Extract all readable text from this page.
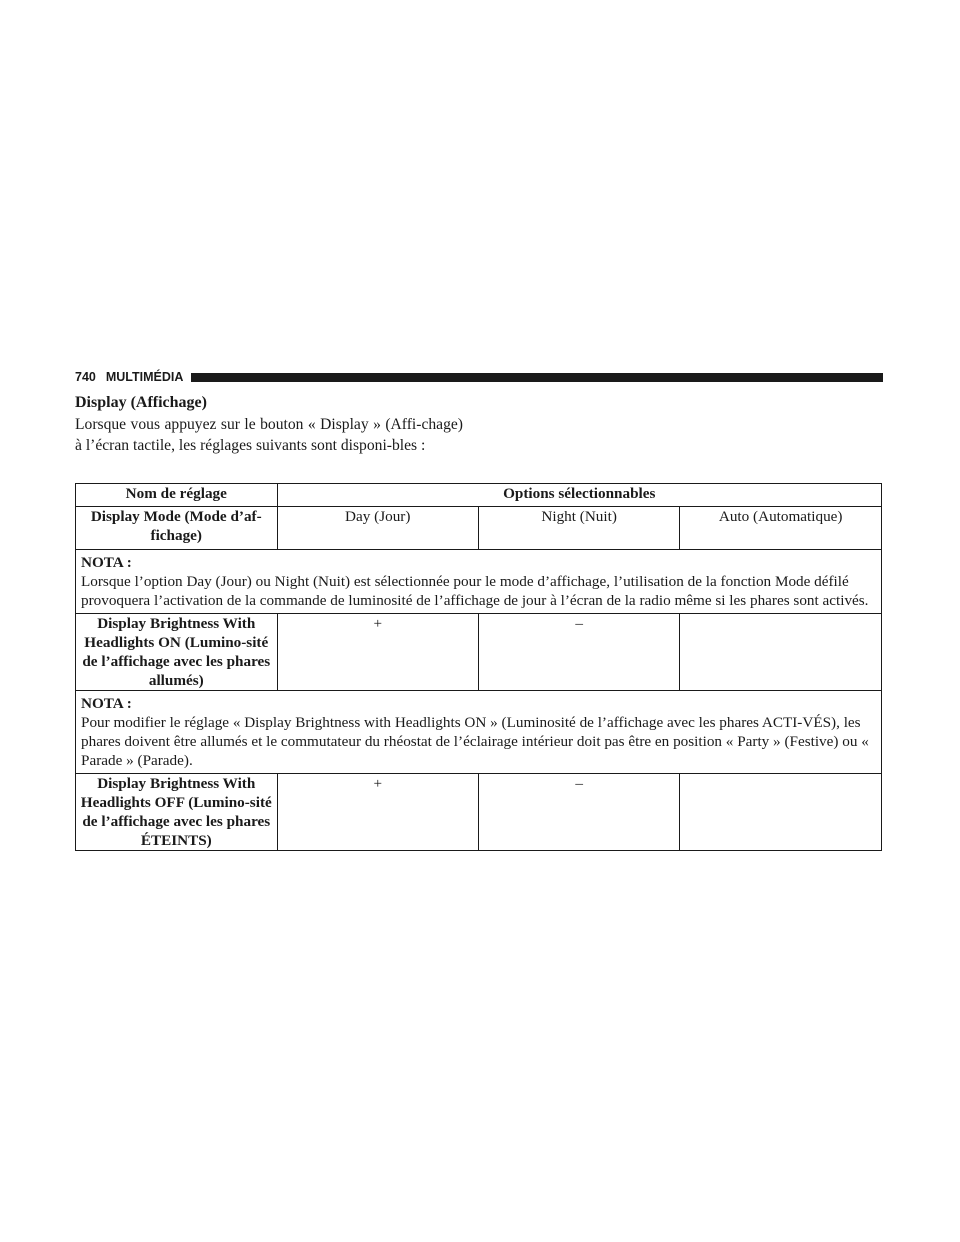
740 MULTIMÉDIA
Display (Affichage)

Lorsque vous appuyez sur le bouton « Display » (Affi-chage) à l’écran tactile, les réglages suivants sont disponi-bles :

Nom de réglage	Options sélectionnables		
Display Mode (Mode d’af-fichage)	Day (Jour)	Night (Nuit)	Auto (Automatique)

NOTA :
Lorsque l’option Day (Jour) ou Night (Nuit) est sélectionnée pour le mode d’affichage, l’utilisation de la fonction Mode défilé provoquera l’activation de la commande de luminosité de l’affichage de jour à l’écran de la radio même si les phares sont activés.			
Display Brightness With Headlights ON (Lumino-sité de l’affichage avec les phares allumés)	+	–	

NOTA :
Pour modifier le réglage « Display Brightness with Headlights ON » (Luminosité de l’affichage avec les phares ACTI-VÉS), les phares doivent être allumés et le commutateur du rhéostat de l’éclairage intérieur doit pas être en position « Party » (Festive) ou « Parade » (Parade).			
Display Brightness With Headlights OFF (Lumino-sité de l’affichage avec les phares ÉTEINTS)	+	–	
